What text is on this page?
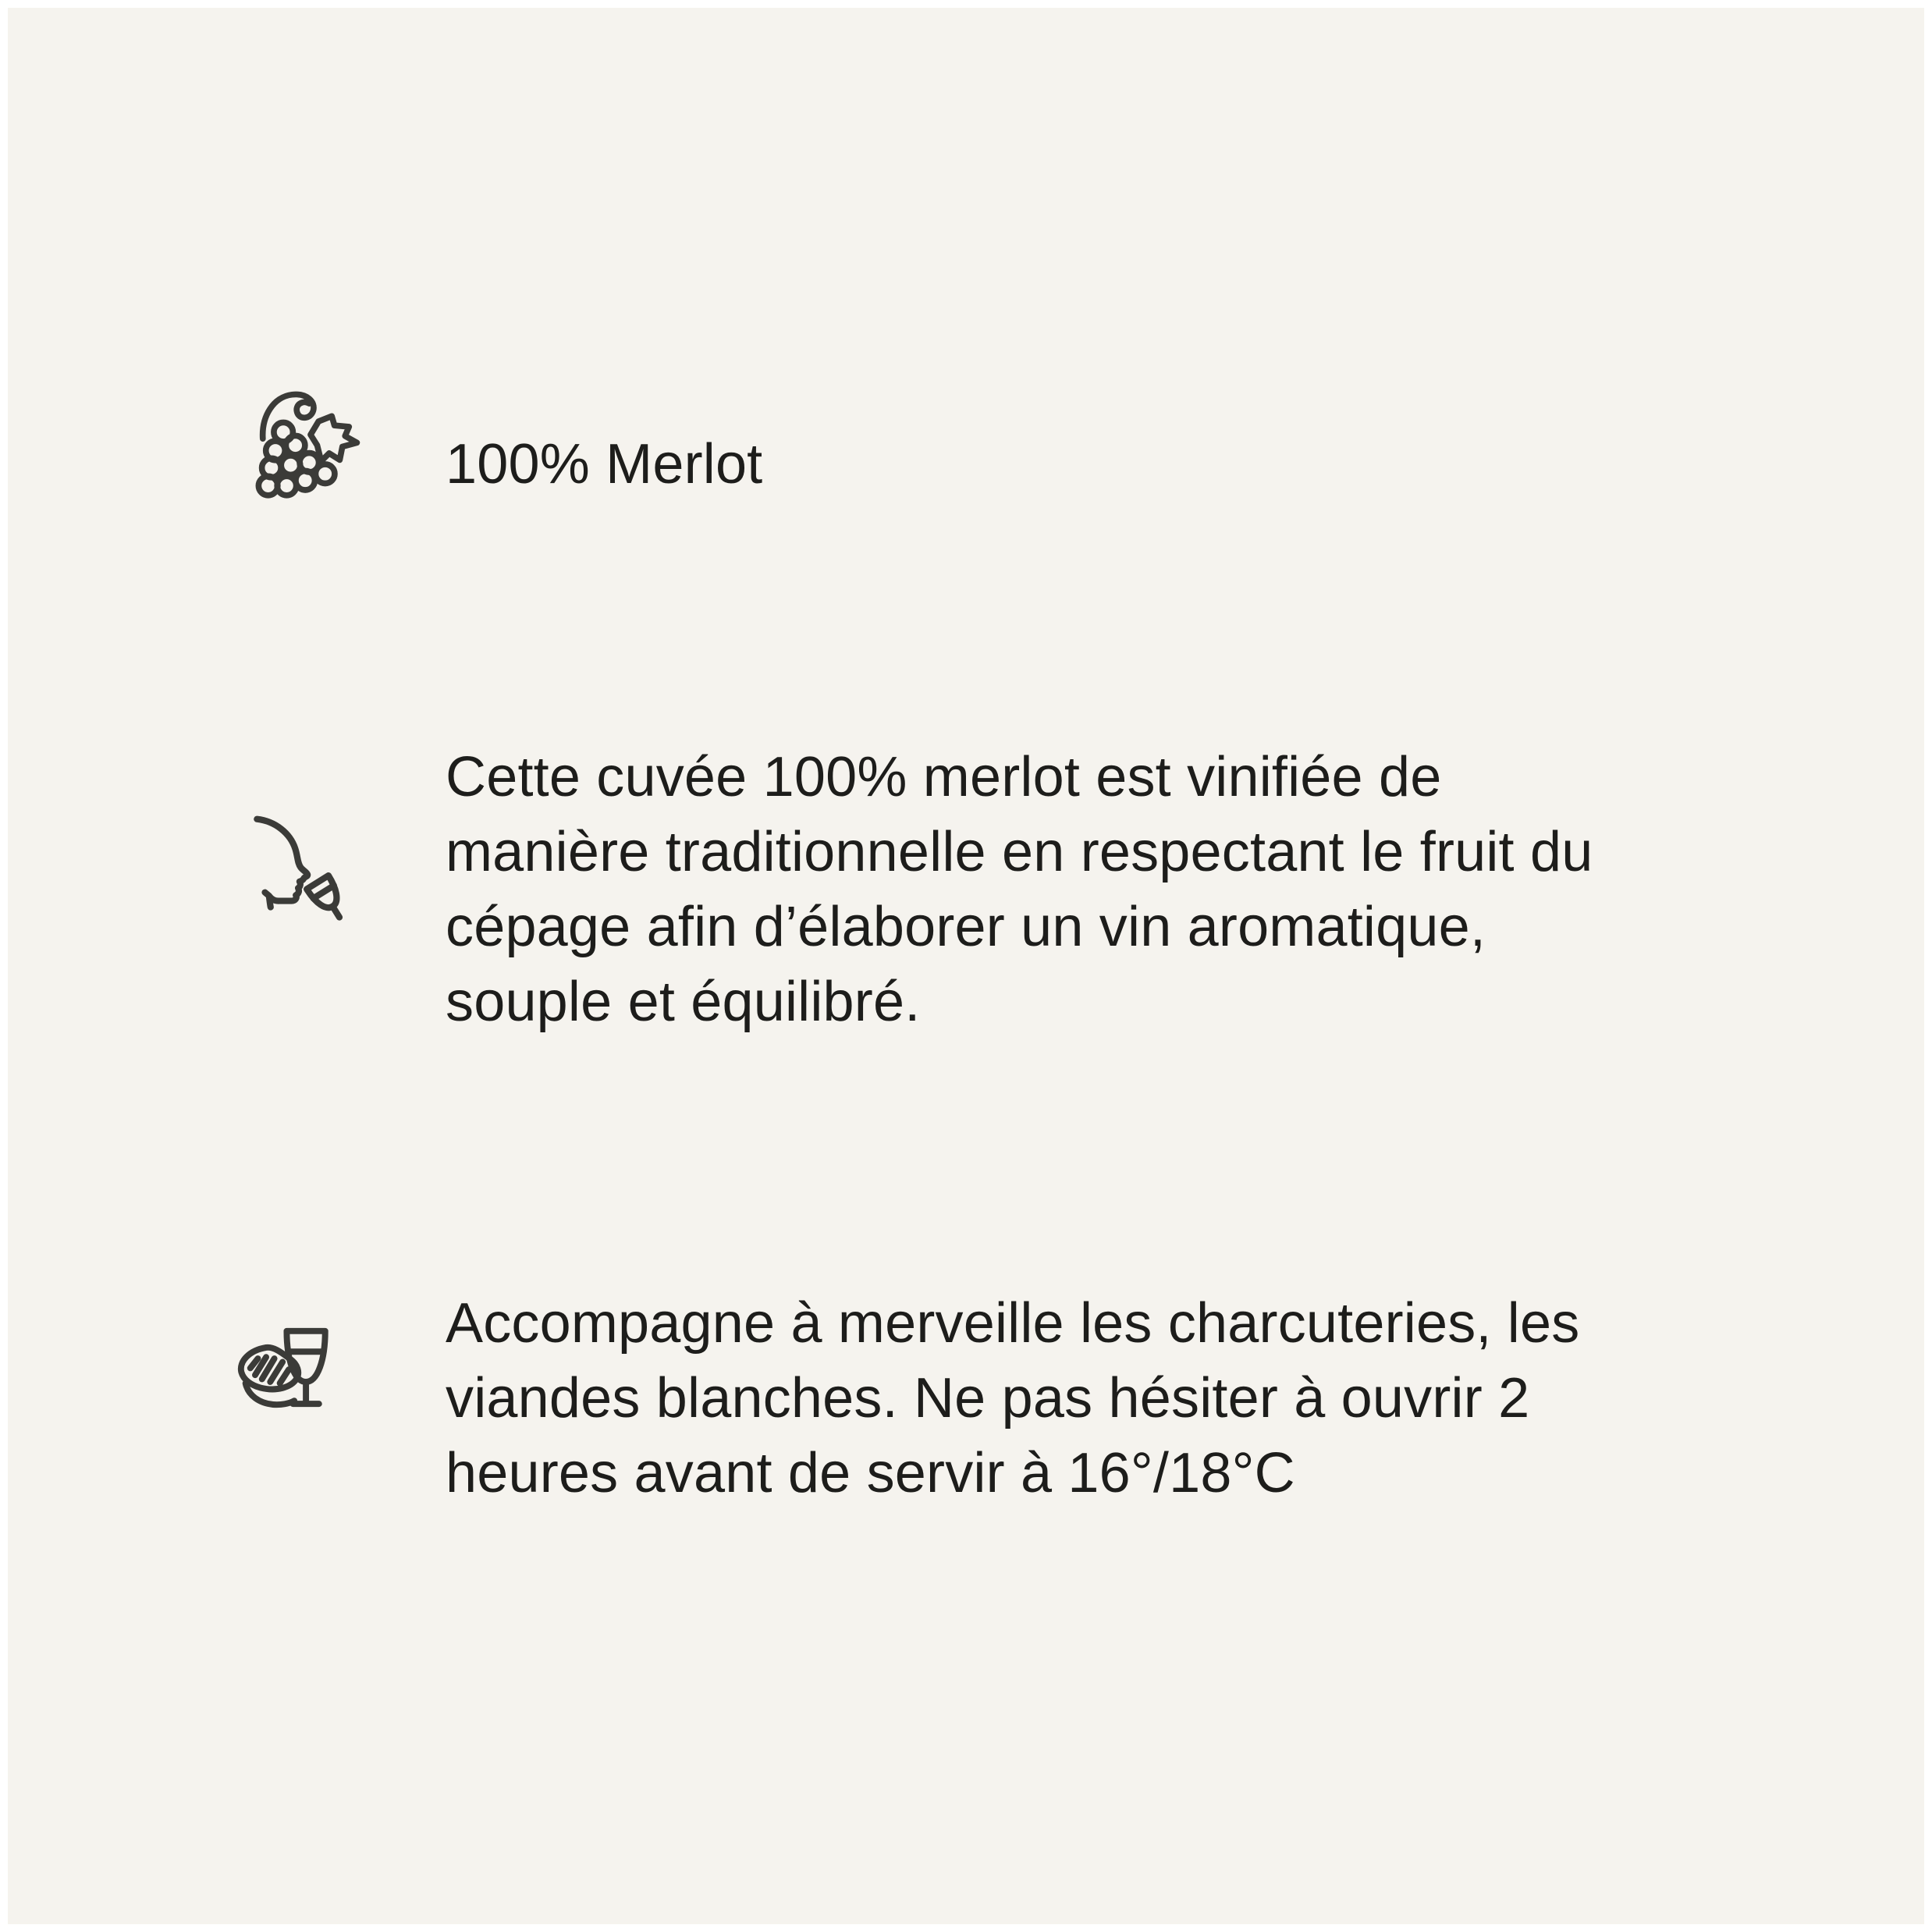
100% Merlot
Cette cuvée 100% merlot est vinifiée de
manière traditionnelle en respectant le fruit du
cépage afin d’élaborer un vin aromatique,
souple et équilibré.
Accompagne à merveille les charcuteries, les
viandes blanches. Ne pas hésiter à ouvrir 2
heures avant de servir à 16°/18°C
